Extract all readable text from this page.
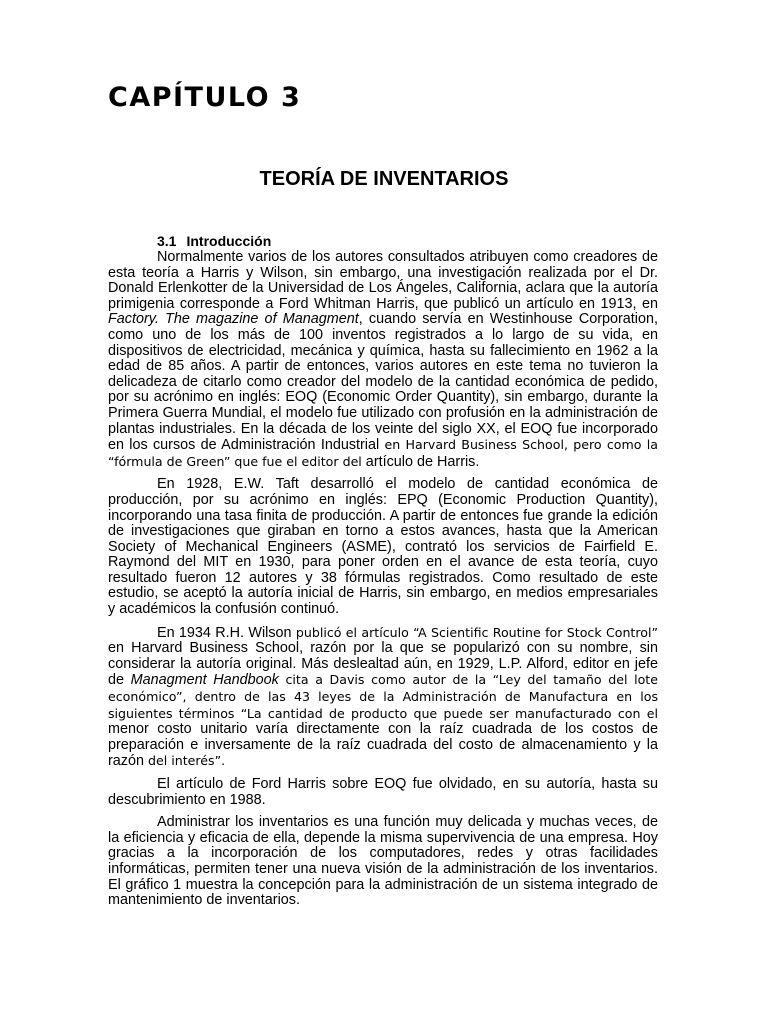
CAPÍTULO 3
TEORÍA DE INVENTARIOS
3.1 Introducción

Normalmente varios de los autores consultados atribuyen como creadores de esta teoría a Harris y Wilson, sin embargo, una investigación realizada por el Dr. Donald Erlenkotter de la Universidad de Los Ángeles, California, aclara que la autoría primigenia corresponde a Ford Whitman Harris, que publicó un artículo en 1913, en Factory. The magazine of Managment, cuando servía en Westinhouse Corporation, como uno de los más de 100 inventos registrados a lo largo de su vida, en dispositivos de electricidad, mecánica y química, hasta su fallecimiento en 1962 a la edad de 85 años. A partir de entonces, varios autores en este tema no tuvieron la delicadeza de citarlo como creador del modelo de la cantidad económica de pedido, por su acrónimo en inglés: EOQ (Economic Order Quantity), sin embargo, durante la Primera Guerra Mundial, el modelo fue utilizado con profusión en la administración de plantas industriales. En la década de los veinte del siglo XX, el EOQ fue incorporado en los cursos de Administración Industrial en Harvard Business School, pero como la “fórmula de Green” que fue el editor del artículo de Harris.

En 1928, E.W. Taft desarrolló el modelo de cantidad económica de producción, por su acrónimo en inglés: EPQ (Economic Production Quantity), incorporando una tasa finita de producción. A partir de entonces fue grande la edición de investigaciones que giraban en torno a estos avances, hasta que la American Society of Mechanical Engineers (ASME), contrató los servicios de Fairfield E. Raymond del MIT en 1930, para poner orden en el avance de esta teoría, cuyo resultado fueron 12 autores y 38 fórmulas registrados. Como resultado de este estudio, se aceptó la autoría inicial de Harris, sin embargo, en medios empresariales y académicos la confusión continuó.

En 1934 R.H. Wilson publicó el artículo “A Scientific Routine for Stock Control” en Harvard Business School, razón por la que se popularizó con su nombre, sin considerar la autoría original. Más deslealtad aún, en 1929, L.P. Alford, editor en jefe de Managment Handbook cita a Davis como autor de la “Ley del tamaño del lote económico”, dentro de las 43 leyes de la Administración de Manufactura en los siguientes términos “La cantidad de producto que puede ser manufacturado con el menor costo unitario varía directamente con la raíz cuadrada de los costos de preparación e inversamente de la raíz cuadrada del costo de almacenamiento y la razón del interés”.

El artículo de Ford Harris sobre EOQ fue olvidado, en su autoría, hasta su descubrimiento en 1988.

Administrar los inventarios es una función muy delicada y muchas veces, de la eficiencia y eficacia de ella, depende la misma supervivencia de una empresa. Hoy gracias a la incorporación de los computadores, redes y otras facilidades informáticas, permiten tener una nueva visión de la administración de los inventarios. El gráfico 1 muestra la concepción para la administración de un sistema integrado de mantenimiento de inventarios.
